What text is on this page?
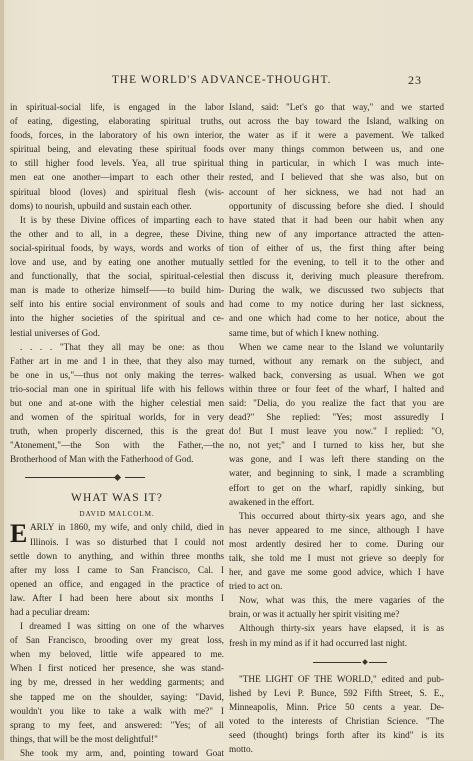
THE WORLD'S ADVANCE-THOUGHT.	23
in spiritual-social life, is engaged in the labor
of eating, digesting, elaborating spiritual truths,
foods, forces, in the laboratory of his own interior,
spiritual being, and elevating these spiritual foods
to still higher food levels. Yea, all true spiritual
men eat one another—impart to each other their
spiritual blood (loves) and spiritual flesh (wis-
doms) to nourish, upbuild and sustain each other.
It is by these Divine offices of imparting each to
the other and to all, in a degree, these Divine,
social-spiritual foods, by ways, words and works of
love and use, and by eating one another mutually
and functionally, that the social, spiritual-celestial
man is made to otherize himself——to build him-
self into his entire social environment of souls and
into the higher societies of the spiritual and ce-
lestial universes of God.
. . . . "That they all may be one: as thou
Father art in me and I in thee, that they also may
be one in us,"—thus not only making the terres-
trio-social man one in spiritual life with his fellows
but one and at-one with the higher celestial men
and women of the spiritual worlds, for in very
truth, when properly discerned, this is the great
"Atonement,"—the Son with the Father,—the
Brotherhood of Man with the Fatherhood of God.
WHAT WAS IT?
DAVID MALCOLM.
E ARLY in 1860, my wife, and only child, died in
Illinois. I was so disturbed that I could not
settle down to anything, and within three months
after my loss I came to San Francisco, Cal. I
opened an office, and engaged in the practice of
law. After I had been here about six months I
had a peculiar dream:
I dreamed I was sitting on one of the wharves
of San Francisco, brooding over my great loss,
when my beloved, little wife appeared to me.
When I first noticed her presence, she was stand-
ing by me, dressed in her wedding garments; and
she tapped me on the shoulder, saying: "David,
wouldn't you like to take a walk with me?" I
sprang to my feet, and answered: "Yes; of all
things, that will be the most delightful!"
She took my arm, and, pointing toward Goat
Island, said: "Let's go that way," and we started
out across the bay toward the Island, walking on
the water as if it were a pavement. We talked
over many things common between us, and one
thing in particular, in which I was much inte-
rested, and I believed that she was also, but on
account of her sickness, we had not had an
opportunity of discussing before she died. I should
have stated that it had been our habit when any
thing new of any importance attracted the atten-
tion of either of us, the first thing after being
settled for the evening, to tell it to the other and
then discuss it, deriving much pleasure therefrom.
During the walk, we discussed two subjects that
had come to my notice during her last sickness,
and one which had come to her notice, about the
same time, but of which I knew nothing.
When we came near to the Island we voluntarily
turned, without any remark on the subject, and
walked back, conversing as usual. When we got
within three or four feet of the wharf, I halted and
said: "Delia, do you realize the fact that you are
dead?" She replied: "Yes; most assuredly I
do! But I must leave you now." I replied: "O,
no, not yet;" and I turned to kiss her, but she
was gone, and I was left there standing on the
water, and beginning to sink, I made a scrambling
effort to get on the wharf, rapidly sinking, but
awakened in the effort.
This occurred about thirty-six years ago, and she
has never appeared to me since, although I have
most ardently desired her to come. During our
talk, she told me I must not grieve so deeply for
her, and gave me some good advice, which I have
tried to act on.
Now, what was this, the mere vagaries of the
brain, or was it actually her spirit visiting me?
Although thirty-six years have elapsed, it is as
fresh in my mind as if it had occurred last night.
"THE LIGHT OF THE WORLD," edited and pub-
lished by Levi P. Bunce, 592 Fifth Street, S. E.,
Minneapolis, Minn. Price 50 cents a year. De-
voted to the interests of Christian Science. "The
seed (thought) brings forth after its kind" is its
motto.
